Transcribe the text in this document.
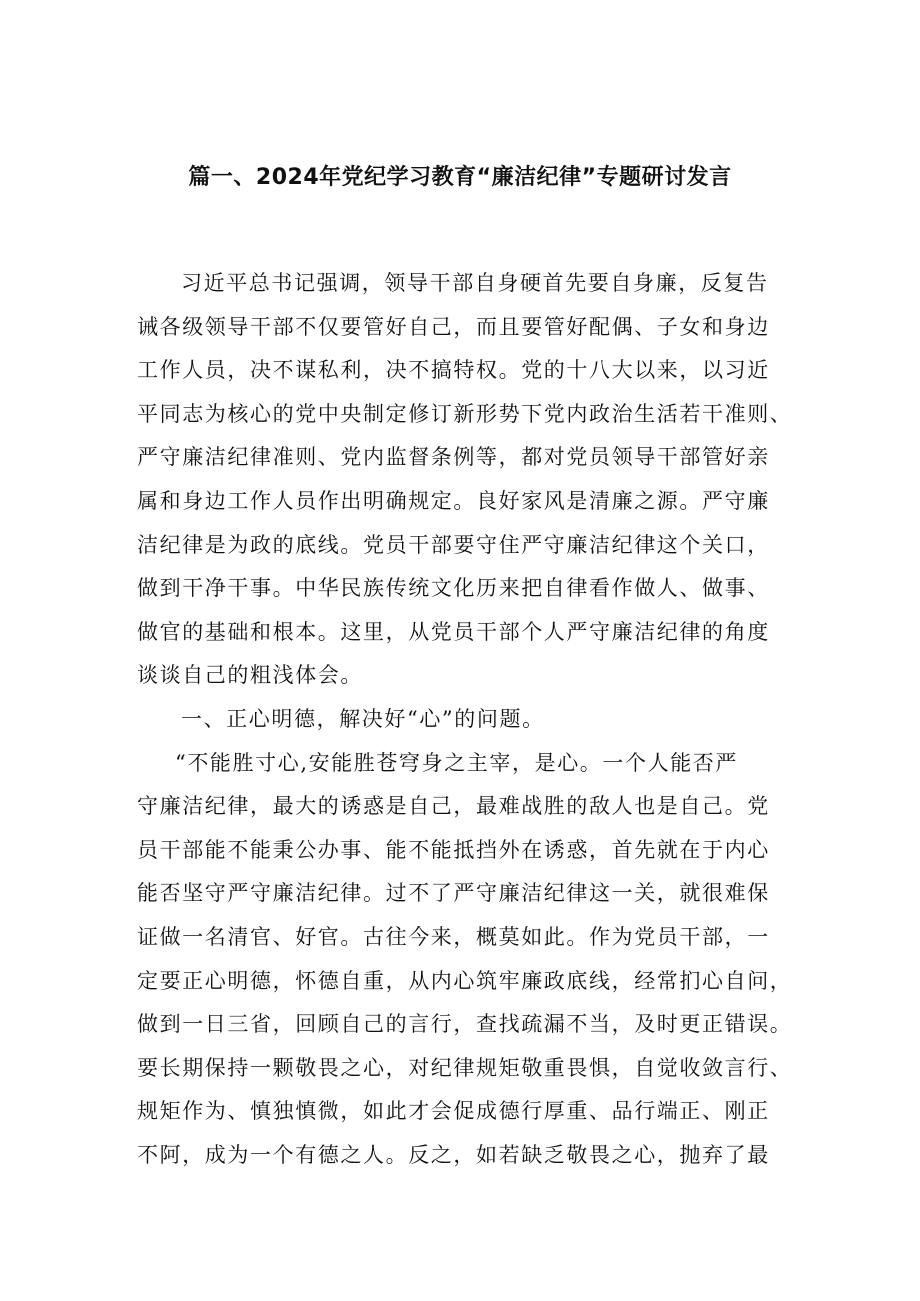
篇一、2024年党纪学习教育“廉洁纪律”专题研讨发言
习近平总书记强调，领导干部自身硬首先要自身廉，反复告
诫各级领导干部不仅要管好自己，而且要管好配偶、子女和身边
工作人员，决不谋私利，决不搞特权。党的十八大以来，以习近
平同志为核心的党中央制定修订新形势下党内政治生活若干准则、
严守廉洁纪律准则、党内监督条例等，都对党员领导干部管好亲
属和身边工作人员作出明确规定。良好家风是清廉之源。严守廉
洁纪律是为政的底线。党员干部要守住严守廉洁纪律这个关口，
做到干净干事。中华民族传统文化历来把自律看作做人、做事、
做官的基础和根本。这里，从党员干部个人严守廉洁纪律的角度
谈谈自己的粗浅体会。
一、正心明德，解决好“心”的问题。
“不能胜寸心,安能胜苍穹身之主宰，是心。一个人能否严
守廉洁纪律，最大的诱惑是自己，最难战胜的敌人也是自己。党
员干部能不能秉公办事、能不能抵挡外在诱惑，首先就在于内心
能否坚守严守廉洁纪律。过不了严守廉洁纪律这一关，就很难保
证做一名清官、好官。古往今来，概莫如此。作为党员干部，一
定要正心明德，怀德自重，从内心筑牢廉政底线，经常扪心自问，
做到一日三省，回顾自己的言行，查找疏漏不当，及时更正错误。
要长期保持一颗敬畏之心，对纪律规矩敬重畏惧，自觉收敛言行、
规矩作为、慎独慎微，如此才会促成德行厚重、品行端正、刚正
不阿，成为一个有德之人。反之，如若缺乏敬畏之心，抛弃了最
